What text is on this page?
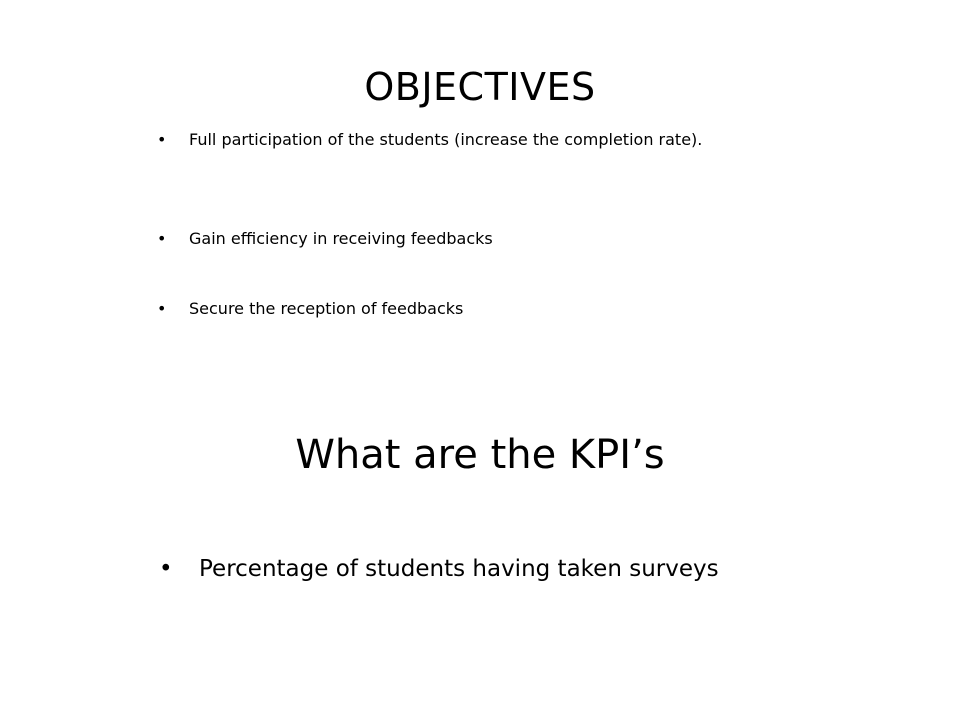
OBJECTIVES
• Full participation of the students (increase the completion rate).
• Gain efficiency in receiving feedbacks
• Secure the reception of feedbacks
What are the KPI’s
• Percentage of students having taken surveys
